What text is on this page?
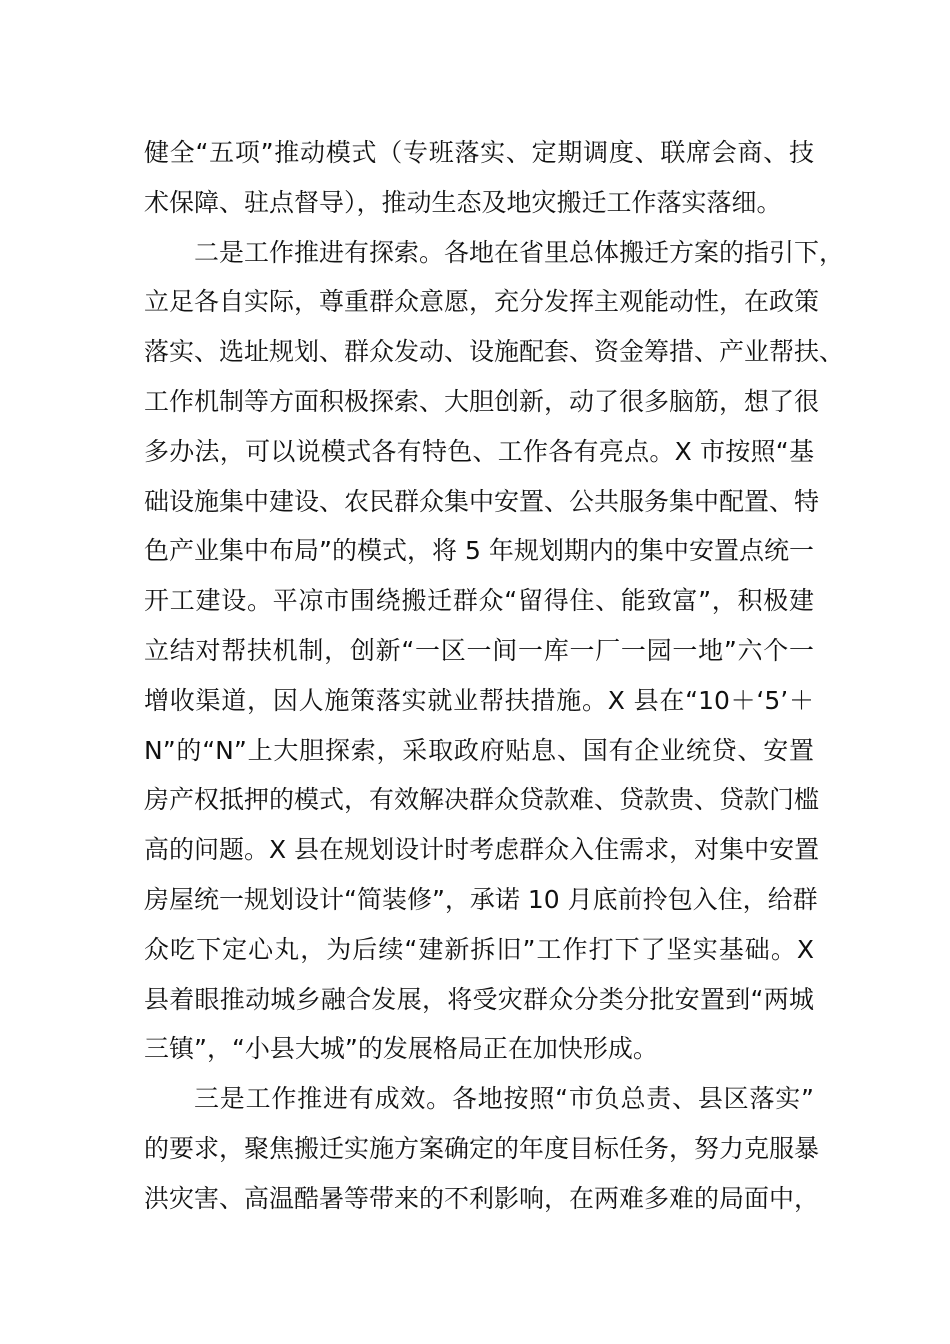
健全“五项”推动模式（专班落实、定期调度、联席会商、技
术保障、驻点督导），推动生态及地灾搬迁工作落实落细。
二是工作推进有探索。各地在省里总体搬迁方案的指引下，
立足各自实际，尊重群众意愿，充分发挥主观能动性，在政策
落实、选址规划、群众发动、设施配套、资金筹措、产业帮扶、
工作机制等方面积极探索、大胆创新，动了很多脑筋，想了很
多办法，可以说模式各有特色、工作各有亮点。X 市按照“基
础设施集中建设、农民群众集中安置、公共服务集中配置、特
色产业集中布局”的模式，将 5 年规划期内的集中安置点统一
开工建设。平凉市围绕搬迁群众“留得住、能致富”，积极建
立结对帮扶机制，创新“一区一间一库一厂一园一地”六个一
增收渠道，因人施策落实就业帮扶措施。X 县在“10＋‘5’＋
N”的“N”上大胆探索，采取政府贴息、国有企业统贷、安置
房产权抵押的模式，有效解决群众贷款难、贷款贵、贷款门槛
高的问题。X 县在规划设计时考虑群众入住需求，对集中安置
房屋统一规划设计“简装修”，承诺 10 月底前拎包入住，给群
众吃下定心丸，为后续“建新拆旧”工作打下了坚实基础。X
县着眼推动城乡融合发展，将受灾群众分类分批安置到“两城
三镇”，“小县大城”的发展格局正在加快形成。
三是工作推进有成效。各地按照“市负总责、县区落实”
的要求，聚焦搬迁实施方案确定的年度目标任务，努力克服暴
洪灾害、高温酷暑等带来的不利影响，在两难多难的局面中，
